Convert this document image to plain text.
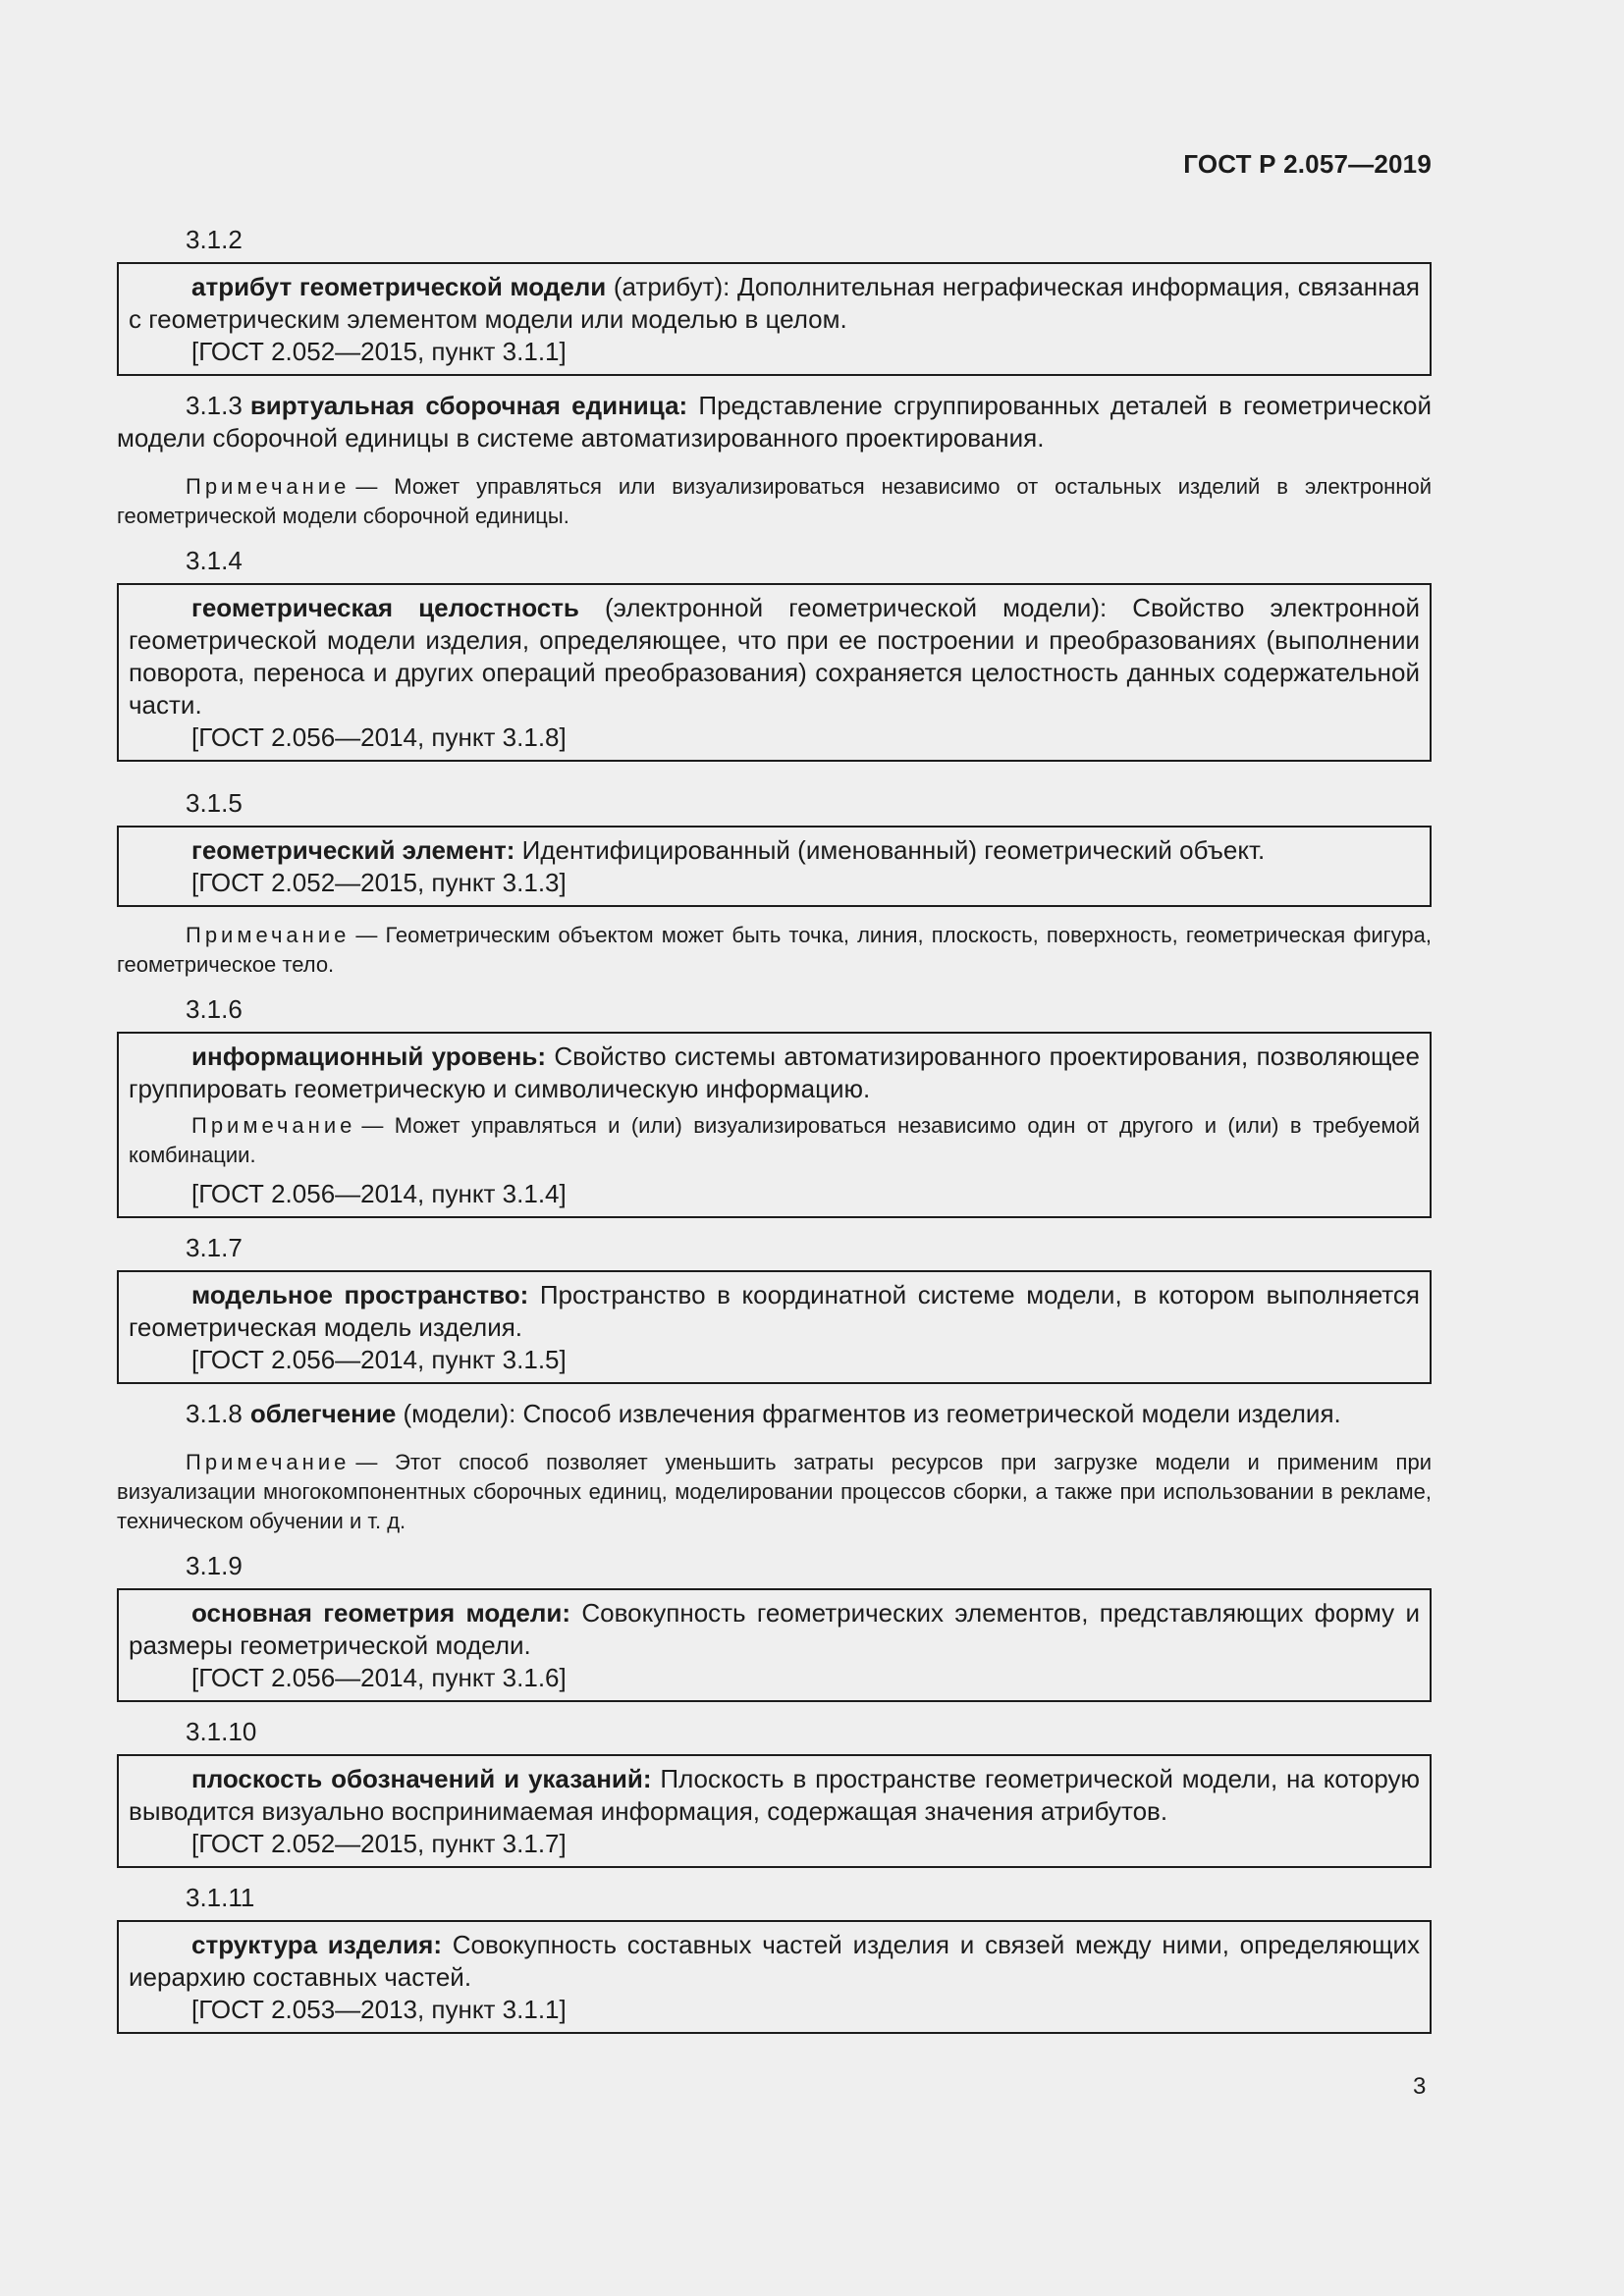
ГОСТ Р 2.057—2019
3.1.2
атрибут геометрической модели (атрибут): Дополнительная неграфическая информация, связанная с геометрическим элементом модели или моделью в целом.
[ГОСТ 2.052—2015, пункт 3.1.1]
3.1.3 виртуальная сборочная единица: Представление сгруппированных деталей в геометрической модели сборочной единицы в системе автоматизированного проектирования.
Примечание — Может управляться или визуализироваться независимо от остальных изделий в электронной геометрической модели сборочной единицы.
3.1.4
геометрическая целостность (электронной геометрической модели): Свойство электронной геометрической модели изделия, определяющее, что при ее построении и преобразованиях (выполнении поворота, переноса и других операций преобразования) сохраняется целостность данных содержательной части.
[ГОСТ 2.056—2014, пункт 3.1.8]
3.1.5
геометрический элемент: Идентифицированный (именованный) геометрический объект.
[ГОСТ 2.052—2015, пункт 3.1.3]
Примечание — Геометрическим объектом может быть точка, линия, плоскость, поверхность, геометрическая фигура, геометрическое тело.
3.1.6
информационный уровень: Свойство системы автоматизированного проектирования, позволяющее группировать геометрическую и символическую информацию.
Примечание — Может управляться и (или) визуализироваться независимо один от другого и (или) в требуемой комбинации.
[ГОСТ 2.056—2014, пункт 3.1.4]
3.1.7
модельное пространство: Пространство в координатной системе модели, в котором выполняется геометрическая модель изделия.
[ГОСТ 2.056—2014, пункт 3.1.5]
3.1.8 облегчение (модели): Способ извлечения фрагментов из геометрической модели изделия.
Примечание — Этот способ позволяет уменьшить затраты ресурсов при загрузке модели и применим при визуализации многокомпонентных сборочных единиц, моделировании процессов сборки, а также при использовании в рекламе, техническом обучении и т. д.
3.1.9
основная геометрия модели: Совокупность геометрических элементов, представляющих форму и размеры геометрической модели.
[ГОСТ 2.056—2014, пункт 3.1.6]
3.1.10
плоскость обозначений и указаний: Плоскость в пространстве геометрической модели, на которую выводится визуально воспринимаемая информация, содержащая значения атрибутов.
[ГОСТ 2.052—2015, пункт 3.1.7]
3.1.11
структура изделия: Совокупность составных частей изделия и связей между ними, определяющих иерархию составных частей.
[ГОСТ 2.053—2013, пункт 3.1.1]
3
